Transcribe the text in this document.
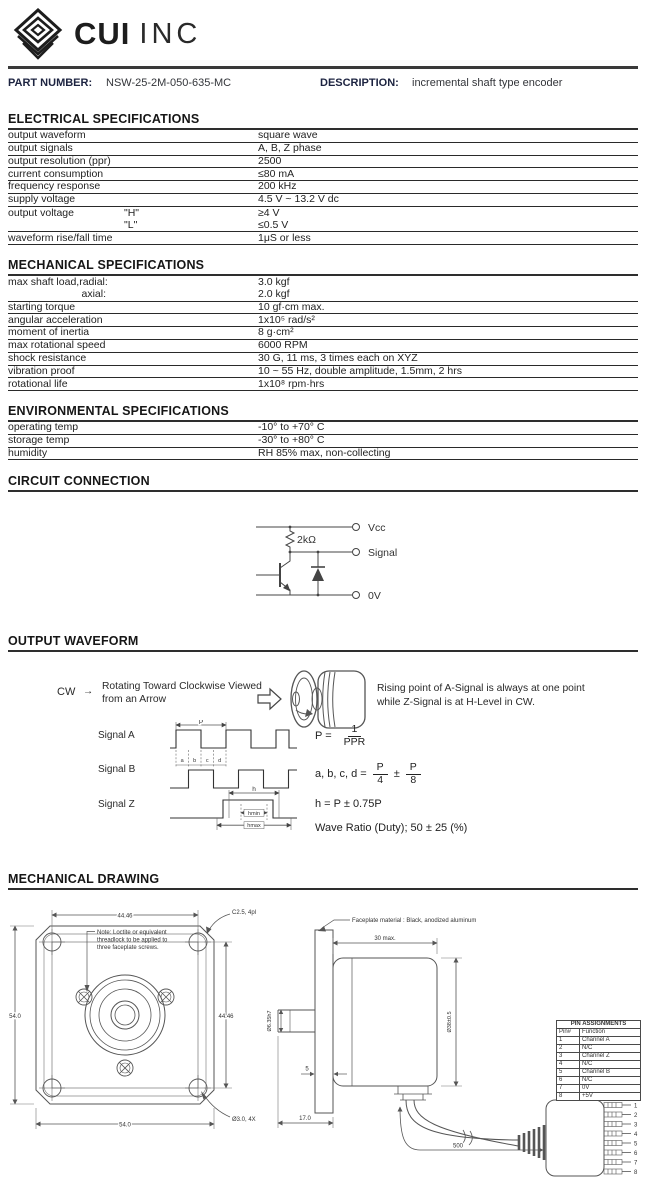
CUI INC
PART NUMBER: NSW-25-2M-050-635-MC	DESCRIPTION: incremental shaft type encoder
ELECTRICAL SPECIFICATIONS
output waveform	square wave
output signals	A, B, Z phase
output resolution (ppr)	2500
current consumption	≤80 mA
frequency response	200 kHz
supply voltage	4.5 V ~ 13.2 V dc
output voltage	"H"	≥4 V
"L"	≤0.5 V
waveform rise/fall time	1μS or less
MECHANICAL SPECIFICATIONS
max shaft load, radial:	3.0 kgf
axial:	2.0 kgf
starting torque	10 gf·cm max.
angular acceleration	1x10⁵ rad/s²
moment of inertia	8 g·cm²
max rotational speed	6000 RPM
shock resistance	30 G, 11 ms, 3 times each on XYZ
vibration proof	10 ~ 55 Hz, double amplitude, 1.5mm, 2 hrs
rotational life	1x10⁸ rpm·hrs
ENVIRONMENTAL SPECIFICATIONS
operating temp	-10° to +70° C
storage temp	-30° to +80° C
humidity	RH 85% max, non-collecting
CIRCUIT CONNECTION
2kΩ
Vcc
Signal
0V
OUTPUT WAVEFORM
CW → Rotating Toward Clockwise Viewed
from an Arrow
Rising point of A-Signal is always at one point
while Z-Signal is at H-Level in CW.
Signal A
Signal B
Signal Z
P
a b c d
h
hmin
hmax
$P = \frac{1}{\text{PPR}}$
a, b, c, $d = \frac{P}{4} \pm \frac{P}{8}$
h = P ± 0.75P
Wave Ratio (Duty); 50 ± 25 (%)
MECHANICAL DRAWING
Note: Loctite or equivalent
threadlock to be applied to
three faceplate screws.
44.46
54.0	44.46
54.0
C2.5, 4pl
Ø3.0, 4X
Faceplate material : Black, anodized aluminum
30 max.
Ø6.35h7	Ø38±0.5
5
17.0
500
1
2
3
4
5
6
7
8
PIN ASSIGNMENTS	
Pin#	Function
1	Channel A
2	N/C
3	Channel Z
4	N/C
5	Channel B
6	N/C
7	0V
8	+5V
